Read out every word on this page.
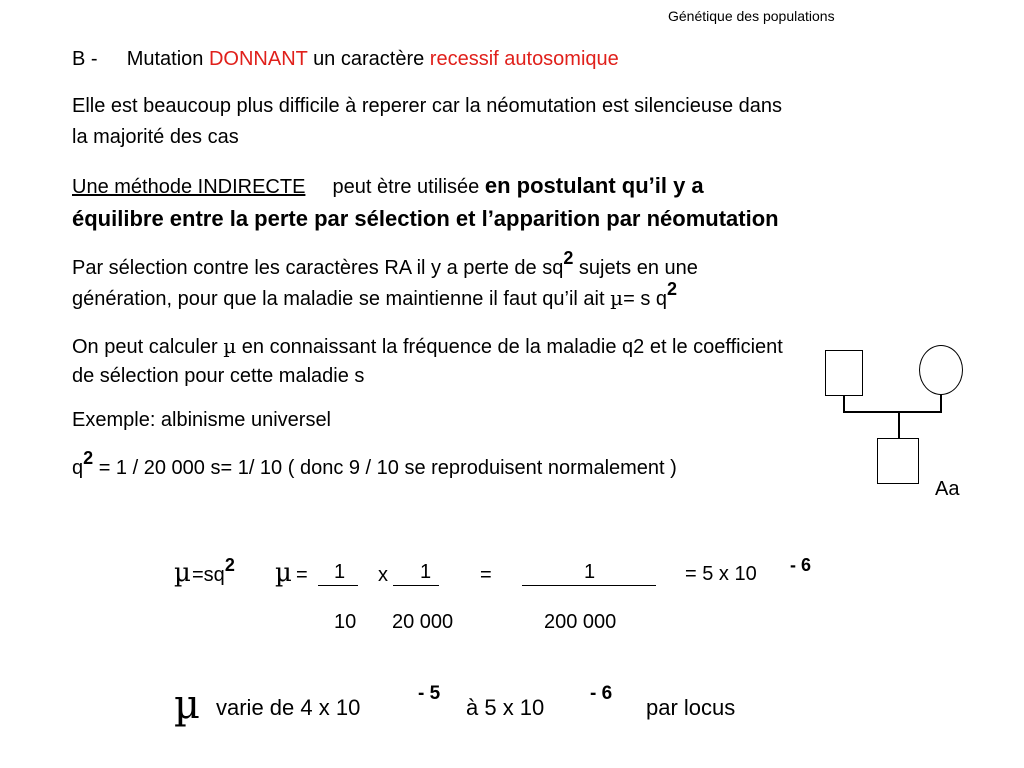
Génétique des populations
B - Mutation DONNANT un caractère recessif autosomique
Elle est beaucoup plus difficile à reperer car la néomutation est silencieuse dans
la majorité des cas
Une méthode INDIRECTE peut ètre utilisée en postulant qu’il y a
équilibre entre la perte par sélection et l’apparition par néomutation
Par sélection contre les caractères RA il y a perte de $sq^2$ sujets en une
génération, pour que la maladie se maintienne il faut qu’il ait µ= s $q^2$
On peut calculer µ en connaissant la fréquence de la maladie q2 et le coefficient
de sélection pour cette maladie s
Exemple: albinisme universel
$q^2 = 1 / 20$ 000 s= 1/ 10 ( donc 9 / 10 se reproduisent normalement )
Aa
$\mu =sq^2$ µ = 1 x 1 =	1	= 5 x 10 - 6
10 20 000	200 000
µ varie de 4 x 10
- 5
à 5 x 10
- 6
par locus
